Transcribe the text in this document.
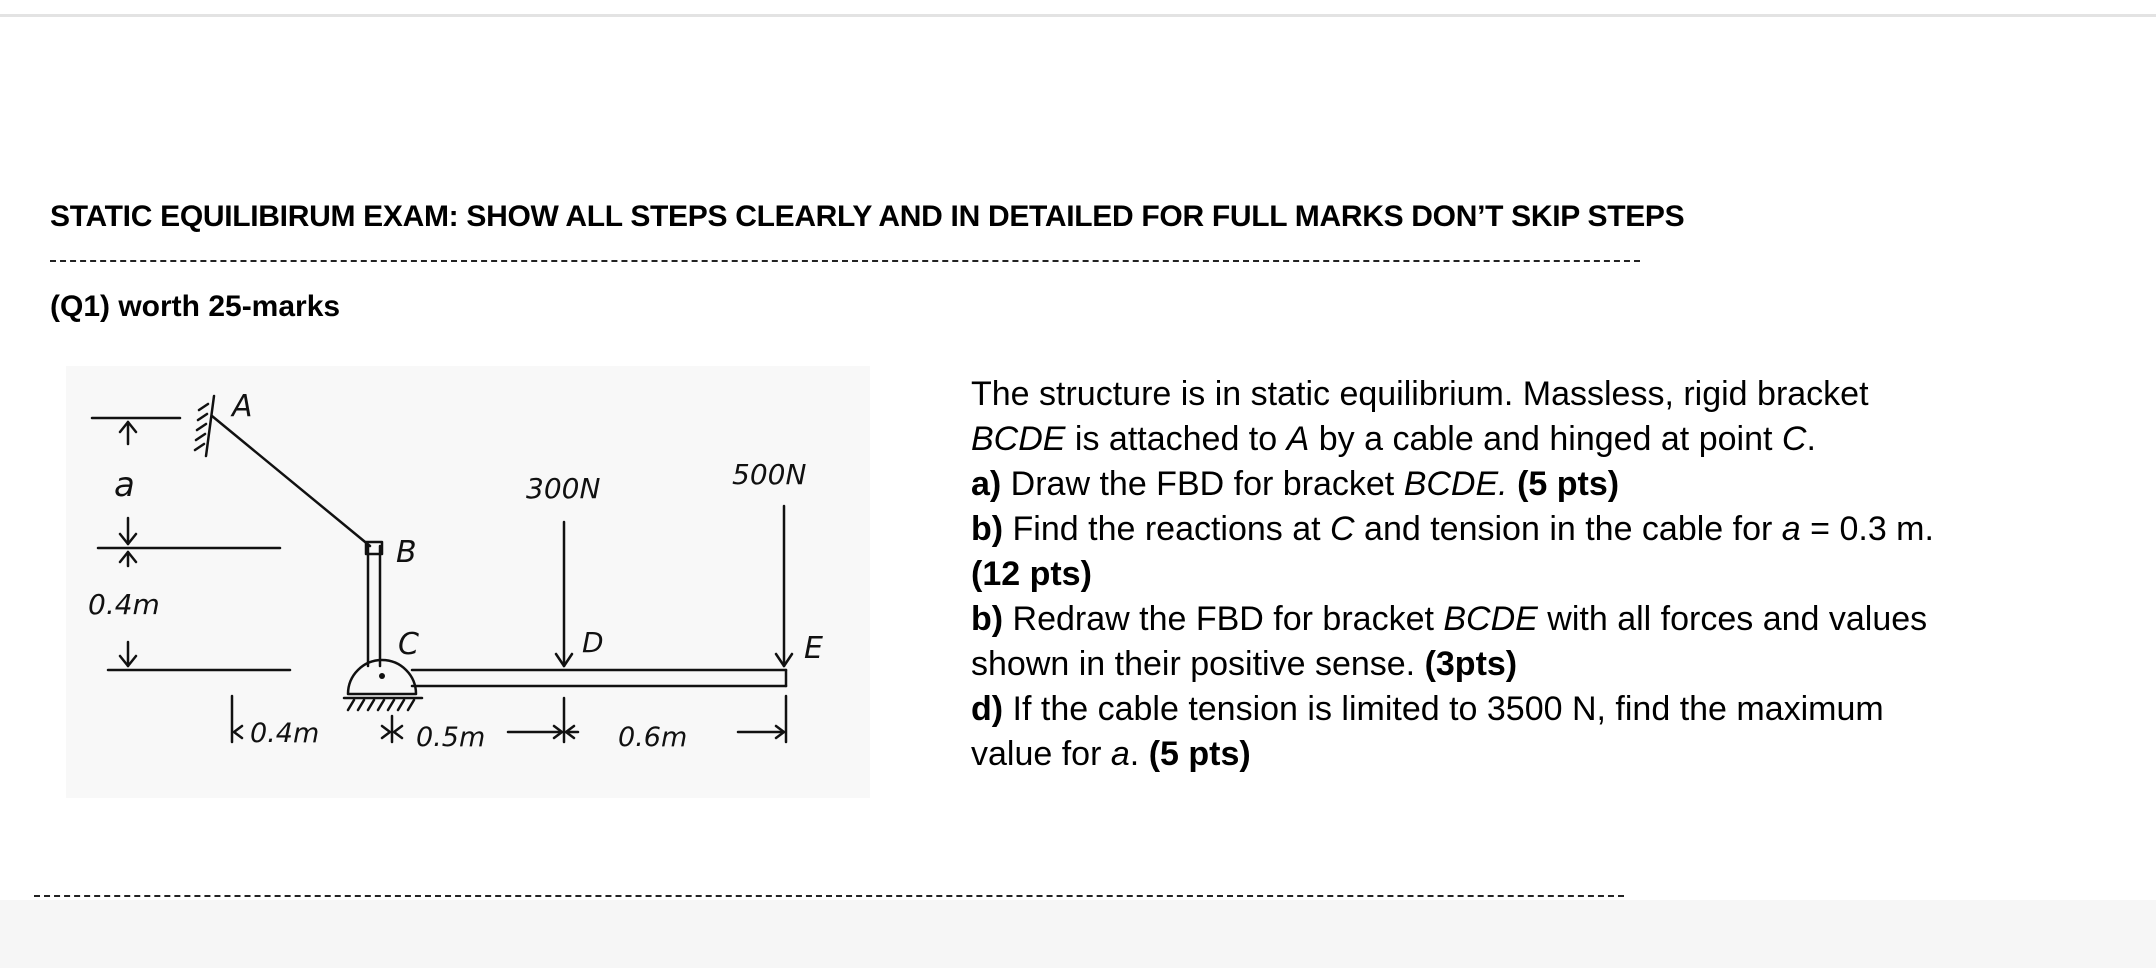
STATIC EQUILIBIRUM EXAM: SHOW ALL STEPS CLEARLY AND IN DETAILED FOR FULL MARKS DON’T SKIP STEPS
(Q1) worth 25-marks
A
B
C	D	E
a
0.4m
300N	500N
0.4m	0.5m	0.6m

The structure is in static equilibrium. Massless, rigid bracket BCDE is attached to A by a cable and hinged at point C.

a) Draw the FBD for bracket BCDE. (5 pts)

b) Find the reactions at C and tension in the cable for a = 0.3 m. (12 pts)

b) Redraw the FBD for bracket BCDE with all forces and values shown in their positive sense. (3pts)

d) If the cable tension is limited to 3500 N, find the maximum value for a. (5 pts)
